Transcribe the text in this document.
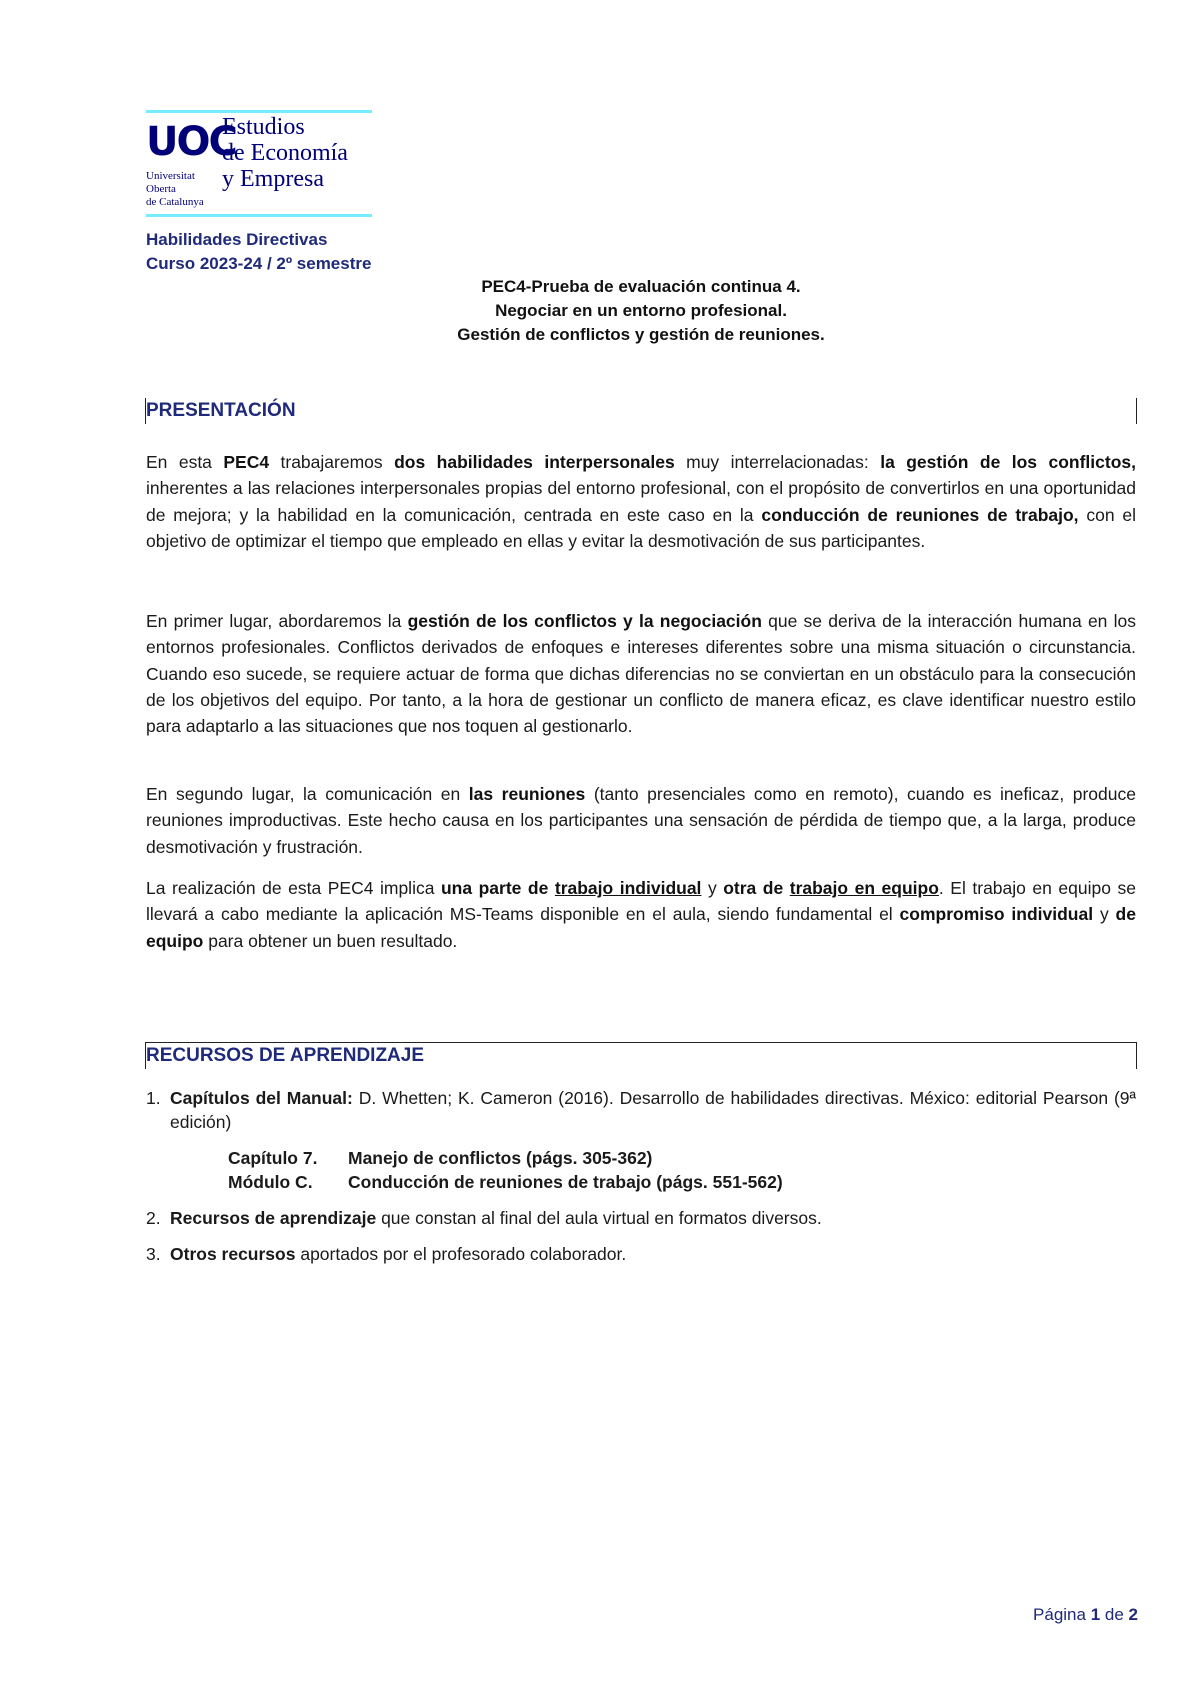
UOC
Universitat
Oberta
de Catalunya
Estudios
de Economía
y Empresa
Habilidades Directivas
Curso 2023-24 / 2º semestre
PEC4-Prueba de evaluación continua 4.
Negociar en un entorno profesional.
Gestión de conflictos y gestión de reuniones.
PRESENTACIÓN
En esta PEC4 trabajaremos dos habilidades interpersonales muy interrelacionadas: la gestión de los conflictos, inherentes a las relaciones interpersonales propias del entorno profesional, con el propósito de convertirlos en una oportunidad de mejora; y la habilidad en la comunicación, centrada en este caso en la conducción de reuniones de trabajo, con el objetivo de optimizar el tiempo que empleado en ellas y evitar la desmotivación de sus participantes.
En primer lugar, abordaremos la gestión de los conflictos y la negociación que se deriva de la interacción humana en los entornos profesionales. Conflictos derivados de enfoques e intereses diferentes sobre una misma situación o circunstancia. Cuando eso sucede, se requiere actuar de forma que dichas diferencias no se conviertan en un obstáculo para la consecución de los objetivos del equipo. Por tanto, a la hora de gestionar un conflicto de manera eficaz, es clave identificar nuestro estilo para adaptarlo a las situaciones que nos toquen al gestionarlo.
En segundo lugar, la comunicación en las reuniones (tanto presenciales como en remoto), cuando es ineficaz, produce reuniones improductivas. Este hecho causa en los participantes una sensación de pérdida de tiempo que, a la larga, produce desmotivación y frustración.
La realización de esta PEC4 implica una parte de trabajo individual y otra de trabajo en equipo. El trabajo en equipo se llevará a cabo mediante la aplicación MS-Teams disponible en el aula, siendo fundamental el compromiso individual y de equipo para obtener un buen resultado.
RECURSOS DE APRENDIZAJE
1. Capítulos del Manual: D. Whetten; K. Cameron (2016). Desarrollo de habilidades directivas. México: editorial Pearson (9ª edición)
Capítulo 7.	Manejo de conflictos (págs. 305-362)
Módulo C.	Conducción de reuniones de trabajo (págs. 551-562)
2. Recursos de aprendizaje que constan al final del aula virtual en formatos diversos.
3. Otros recursos aportados por el profesorado colaborador.
Página 1 de 2
